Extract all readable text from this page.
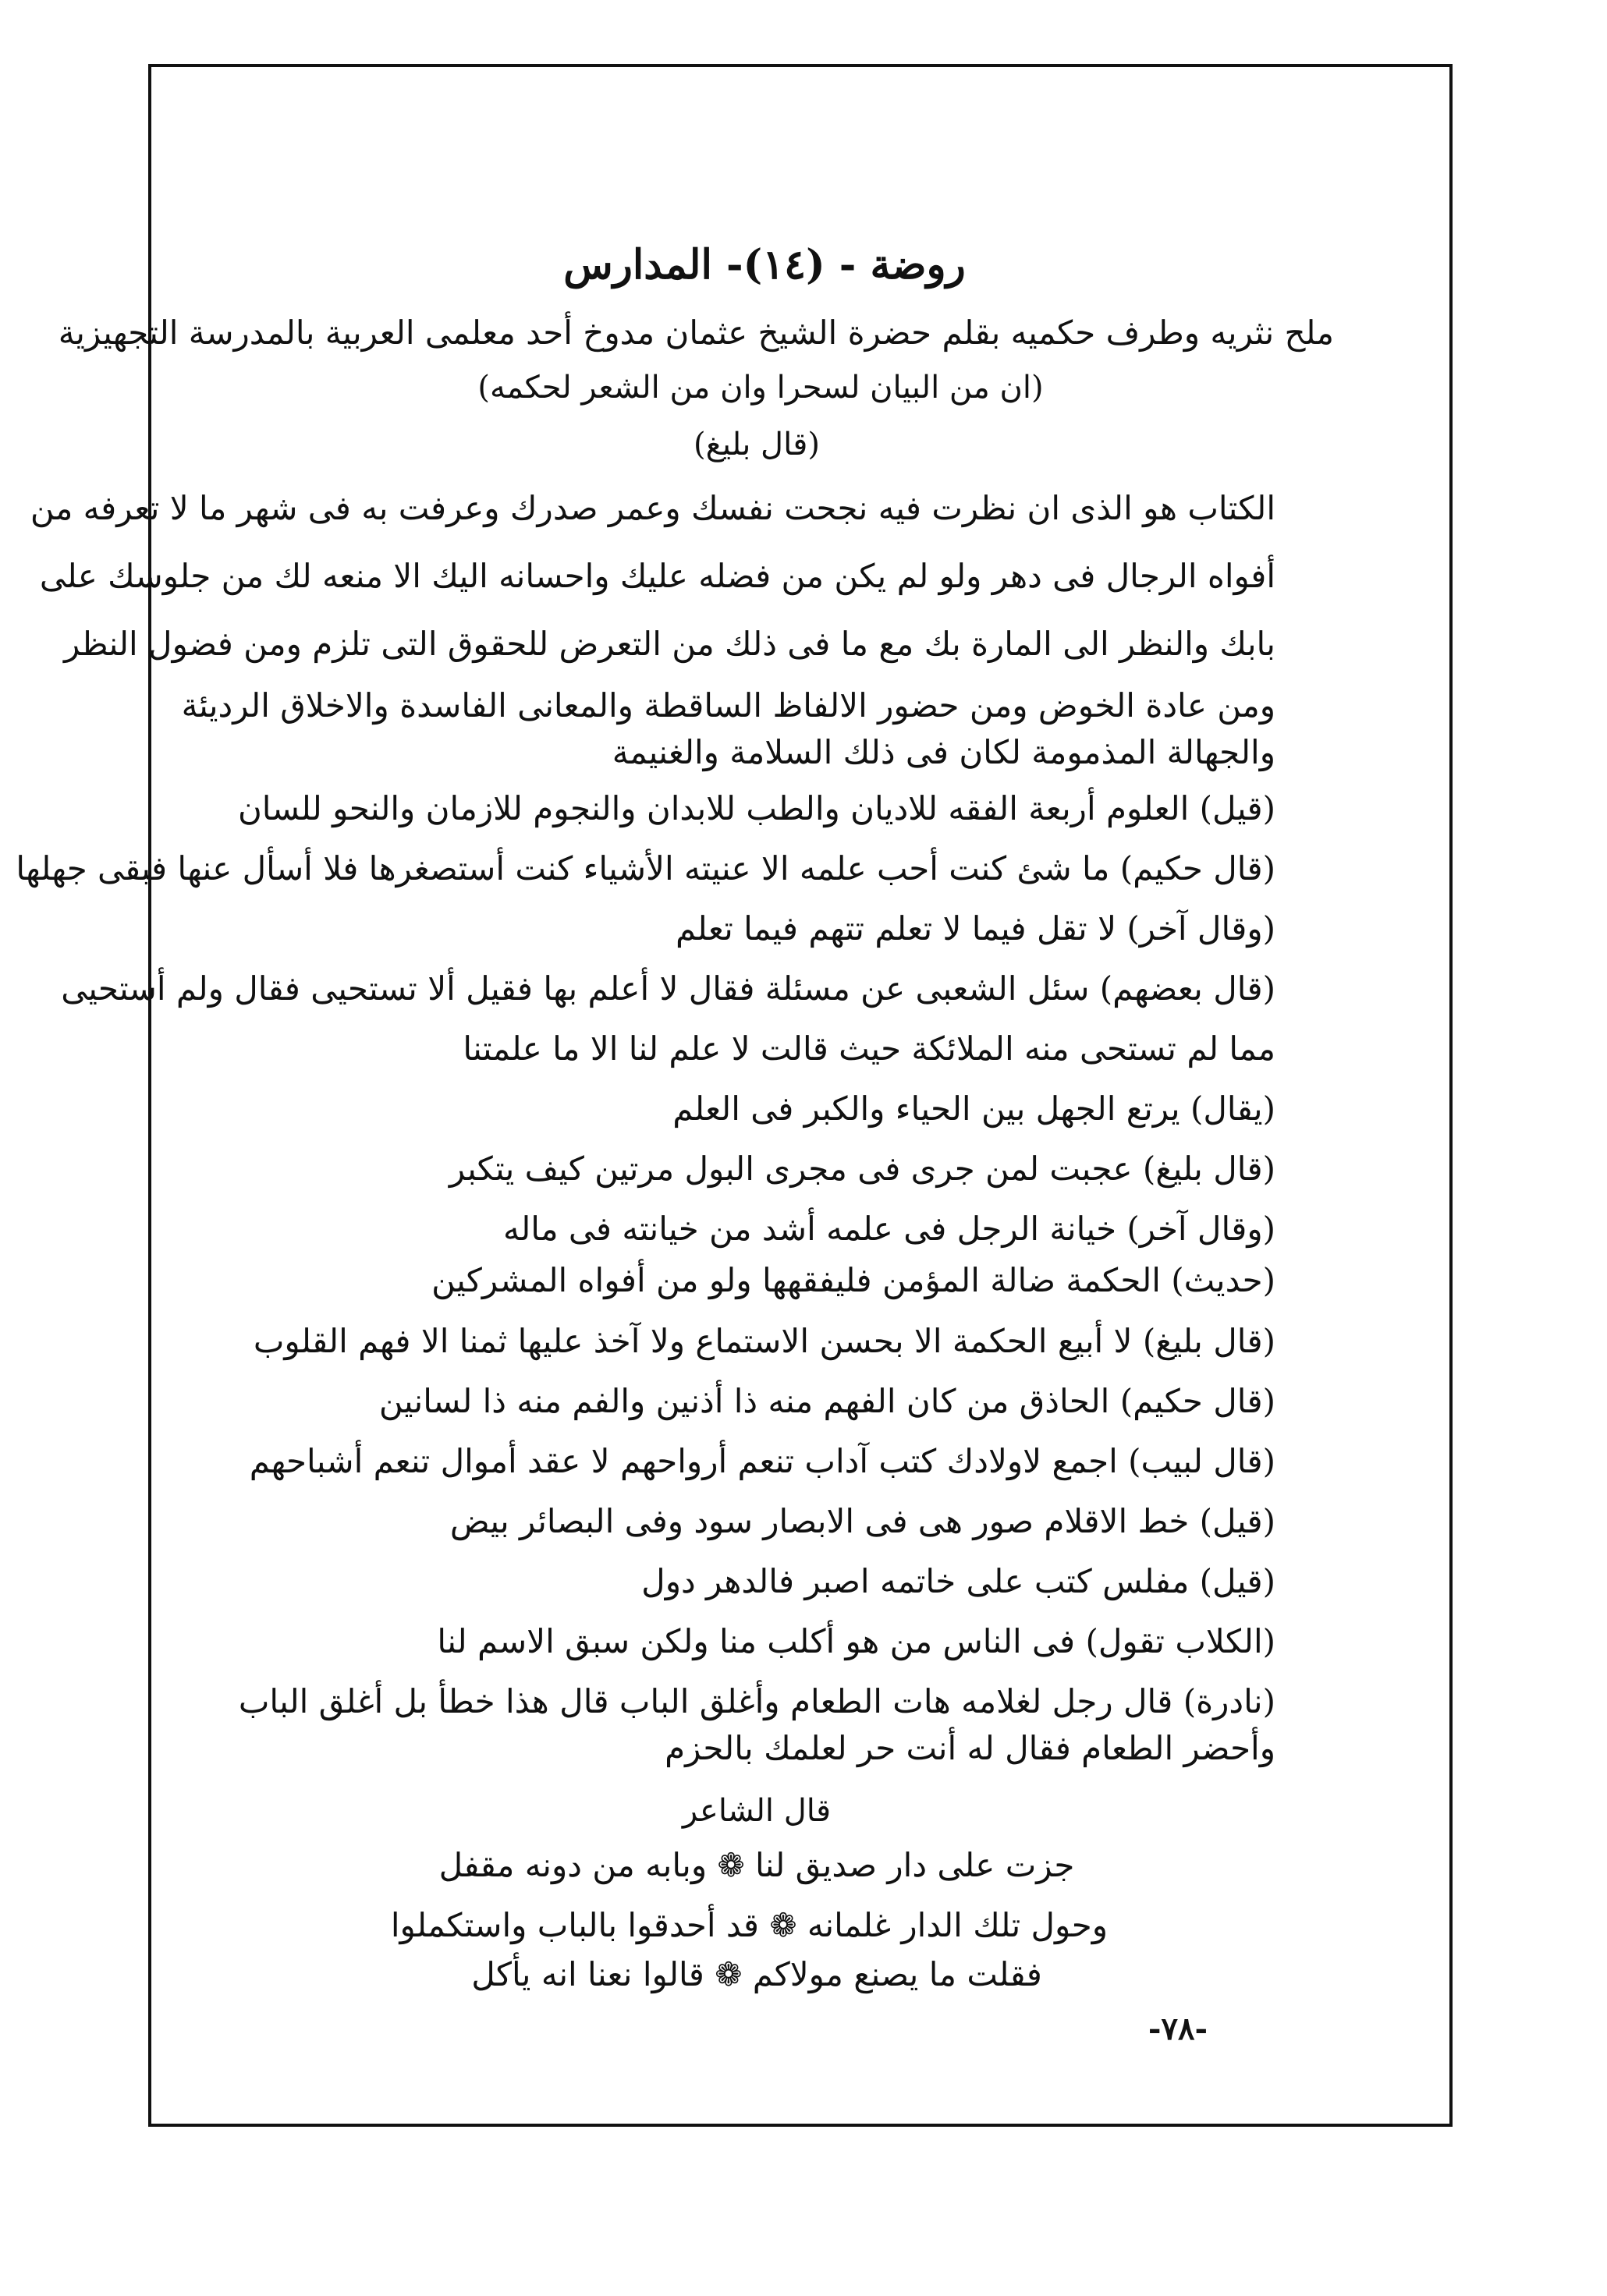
روضة - (١٤)- المدارس
ملح نثريه وطرف حكميه بقلم حضرة الشيخ عثمان مدوخ أحد معلمى العربية بالمدرسة التجهيزية
(ان من البيان لسحرا وان من الشعر لحكمه)
(قال بليغ)
الكتاب هو الذى ان نظرت فيه نجحت نفسك وعمر صدرك وعرفت به فى شهر ما لا تعرفه من
أفواه الرجال فى دهر ولو لم يكن من فضله عليك واحسانه اليك الا منعه لك من جلوسك على
بابك والنظر الى المارة بك مع ما فى ذلك من التعرض للحقوق التى تلزم ومن فضول النظر
ومن عادة الخوض ومن حضور الالفاظ الساقطة والمعانى الفاسدة والاخلاق الرديئة
والجهالة المذمومة لكان فى ذلك السلامة والغنيمة
(قيل) العلوم أربعة الفقه للاديان والطب للابدان والنجوم للازمان والنحو للسان
(قال حكيم) ما شئ كنت أحب علمه الا عنيته الأشياء كنت أستصغرها فلا أسأل عنها فبقى جهلها
(وقال آخر) لا تقل فيما لا تعلم تتهم فيما تعلم
(قال بعضهم) سئل الشعبى عن مسئلة فقال لا أعلم بها فقيل ألا تستحيى فقال ولم أستحيى
مما لم تستحى منه الملائكة حيث قالت لا علم لنا الا ما علمتنا
(يقال) يرتع الجهل بين الحياء والكبر فى العلم
(قال بليغ) عجبت لمن جرى فى مجرى البول مرتين كيف يتكبر
(وقال آخر) خيانة الرجل فى علمه أشد من خيانته فى ماله
(حديث) الحكمة ضالة المؤمن فليفقهها ولو من أفواه المشركين
(قال بليغ) لا أبيع الحكمة الا بحسن الاستماع ولا آخذ عليها ثمنا الا فهم القلوب
(قال حكيم) الحاذق من كان الفهم منه ذا أذنين والفم منه ذا لسانين
(قال لبيب) اجمع لاولادك كتب آداب تنعم أرواحهم لا عقد أموال تنعم أشباحهم
(قيل) خط الاقلام صور هى فى الابصار سود وفى البصائر بيض
(قيل) مفلس كتب على خاتمه اصبر فالدهر دول
(الكلاب تقول) فى الناس من هو أكلب منا ولكن سبق الاسم لنا
(نادرة) قال رجل لغلامه هات الطعام وأغلق الباب قال هذا خطأ بل أغلق الباب
وأحضر الطعام فقال له أنت حر لعلمك بالحزم
قال الشاعر
جزت على دار صديق لنا ❁ وبابه من دونه مقفل
وحول تلك الدار غلمانه ❁ قد أحدقوا بالباب واستكملوا
فقلت ما يصنع مولاكم ❁ قالوا نعنا انه يأكل
-٧٨-
